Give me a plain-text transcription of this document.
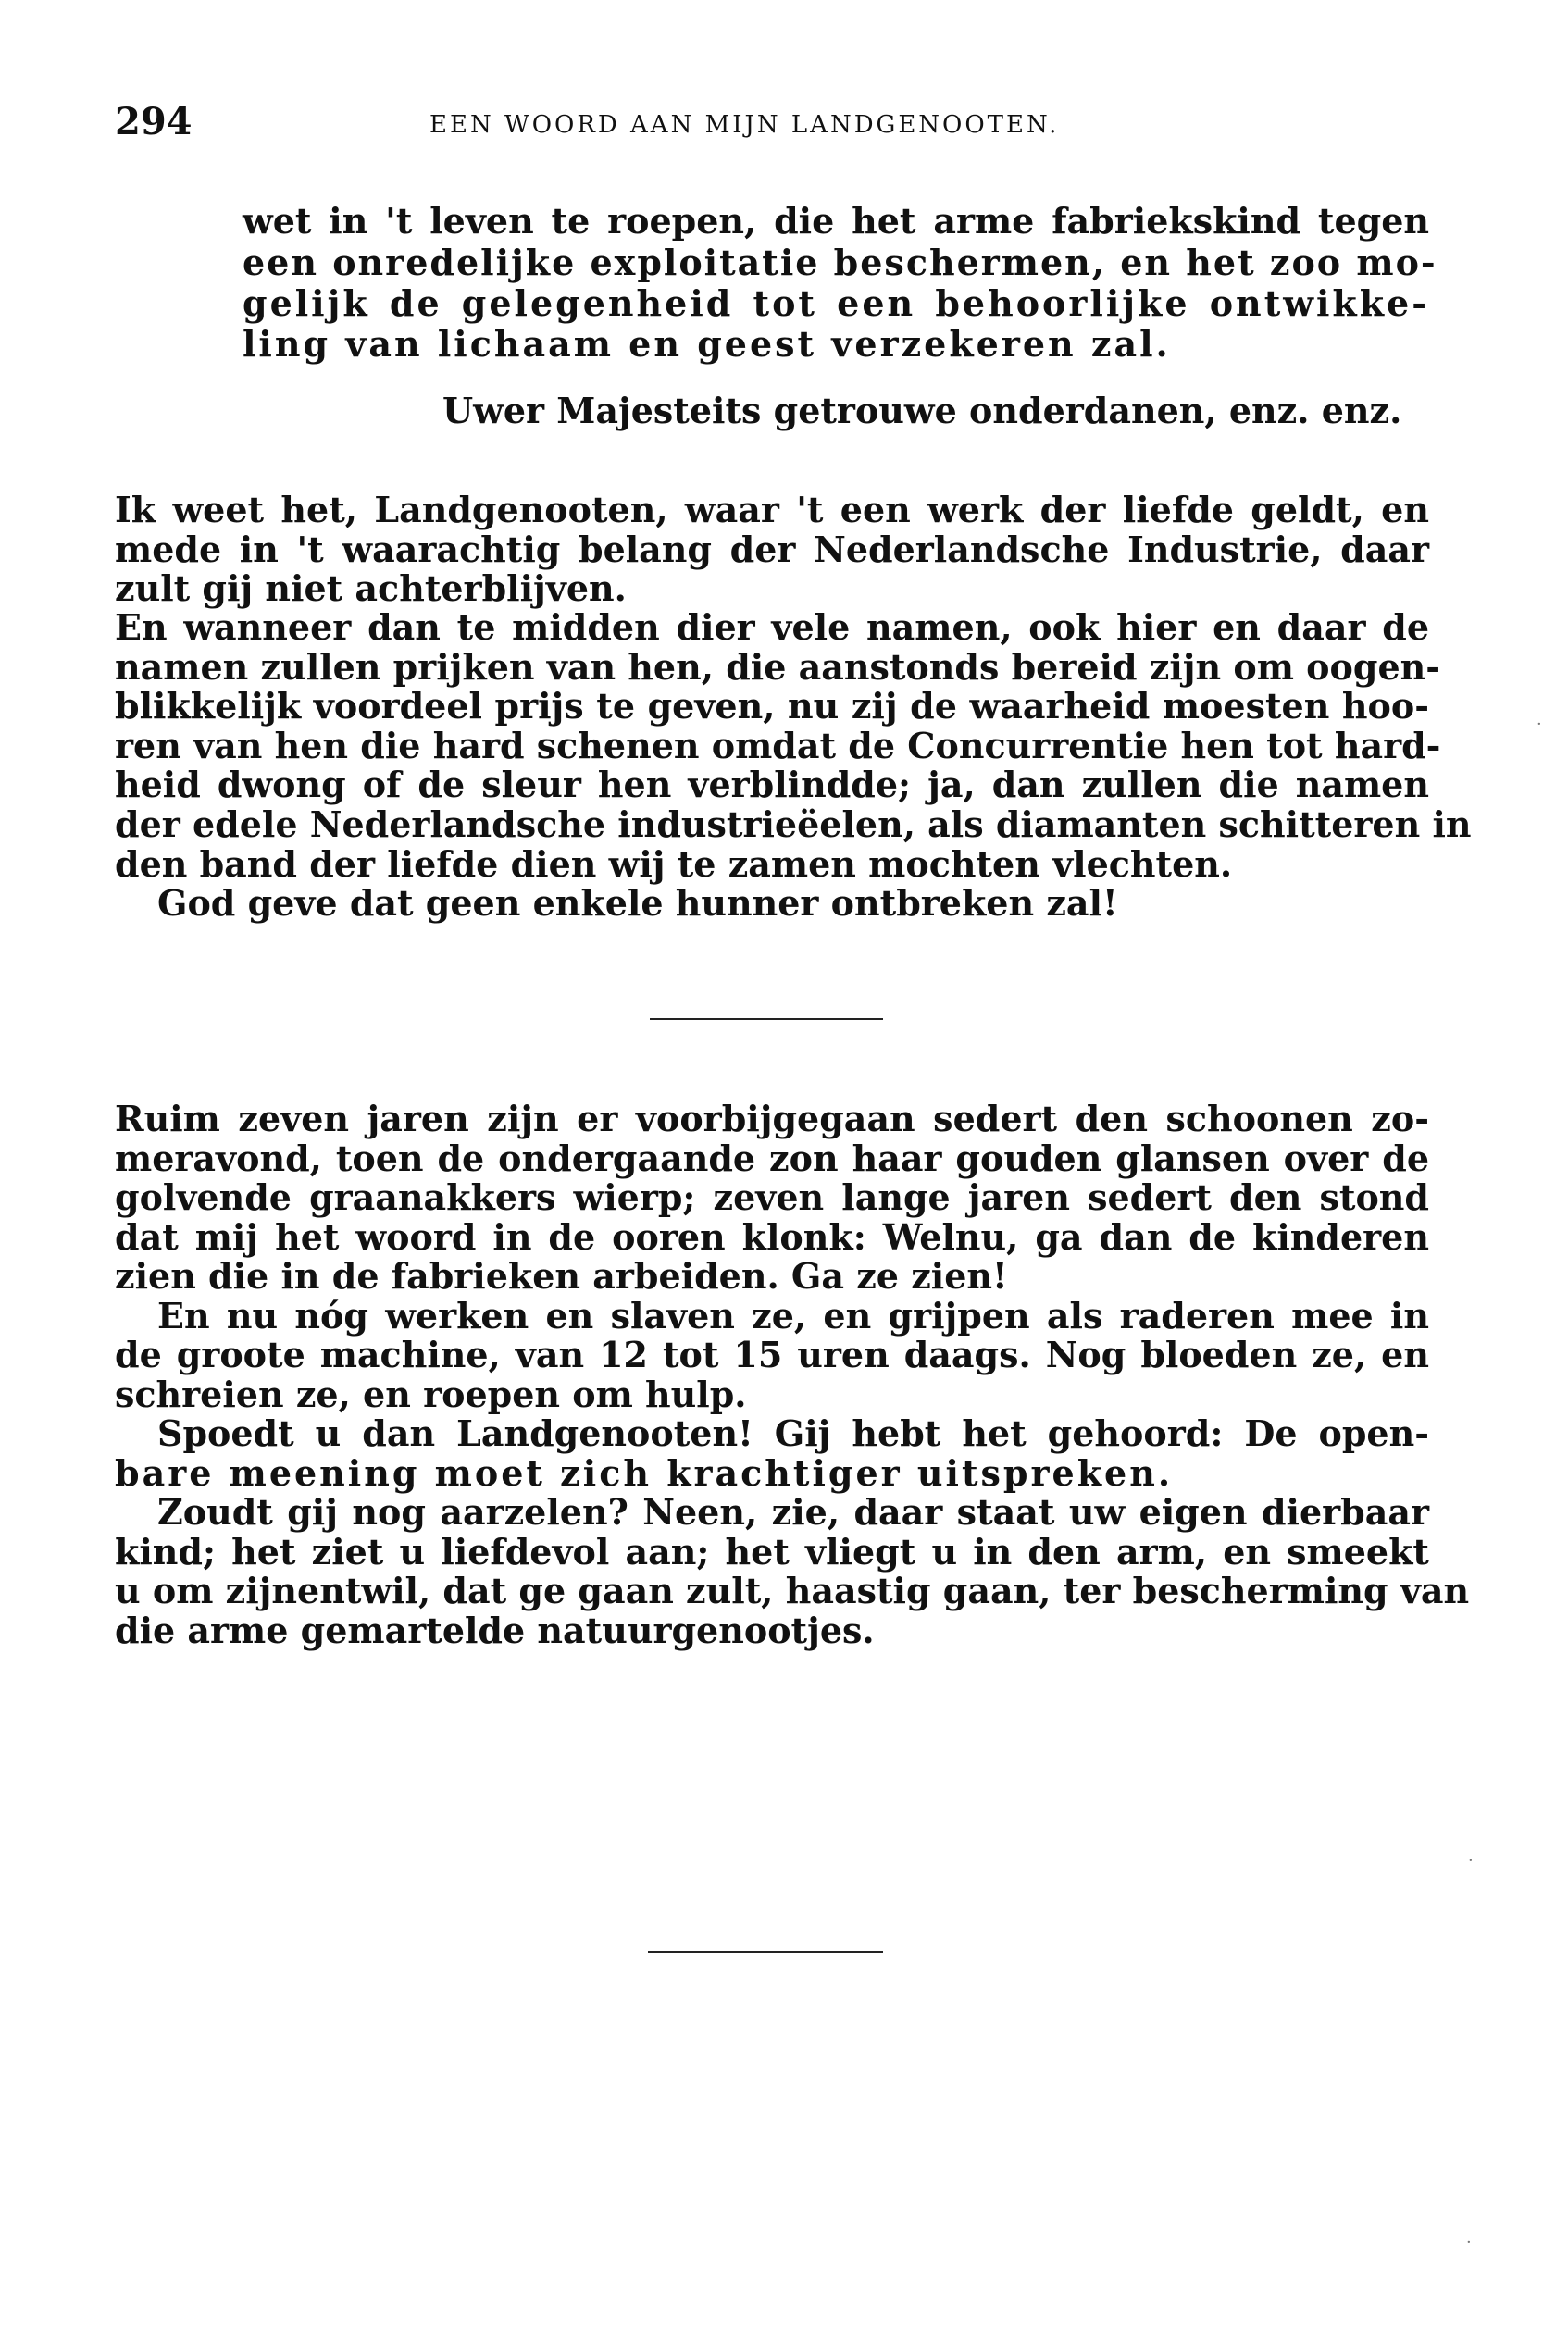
294	EEN WOORD AAN MIJN LANDGENOOTEN.
wet in 't leven te roepen, die het arme fabriekskind tegen
een onredelijke exploitatie beschermen, en het zoo mo-
gelijk de gelegenheid tot een behoorlijke ontwikke-
ling van lichaam en geest verzekeren zal.
Uwer Majesteits getrouwe onderdanen, enz. enz.
Ik weet het, Landgenooten, waar 't een werk der liefde geldt, en
mede in 't waarachtig belang der Nederlandsche Industrie, daar
zult gij niet achterblijven.
En wanneer dan te midden dier vele namen, ook hier en daar de
namen zullen prijken van hen, die aanstonds bereid zijn om oogen-
blikkelijk voordeel prijs te geven, nu zij de waarheid moesten hoo-
ren van hen die hard schenen omdat de Concurrentie hen tot hard-
heid dwong of de sleur hen verblindde; ja, dan zullen die namen
der edele Nederlandsche industrieëelen, als diamanten schitteren in
den band der liefde dien wij te zamen mochten vlechten.
God geve dat geen enkele hunner ontbreken zal!
Ruim zeven jaren zijn er voorbijgegaan sedert den schoonen zo-
meravond, toen de ondergaande zon haar gouden glansen over de
golvende graanakkers wierp; zeven lange jaren sedert den stond
dat mij het woord in de ooren klonk: Welnu, ga dan de kinderen
zien die in de fabrieken arbeiden. Ga ze zien!
En nu nóg werken en slaven ze, en grijpen als raderen mee in
de groote machine, van 12 tot 15 uren daags. Nog bloeden ze, en
schreien ze, en roepen om hulp.
Spoedt u dan Landgenooten! Gij hebt het gehoord: De open-
bare meening moet zich krachtiger uitspreken.
Zoudt gij nog aarzelen? Neen, zie, daar staat uw eigen dierbaar
kind; het ziet u liefdevol aan; het vliegt u in den arm, en smeekt
u om zijnentwil, dat ge gaan zult, haastig gaan, ter bescherming van
die arme gemartelde natuurgenootjes.
·
·
·
